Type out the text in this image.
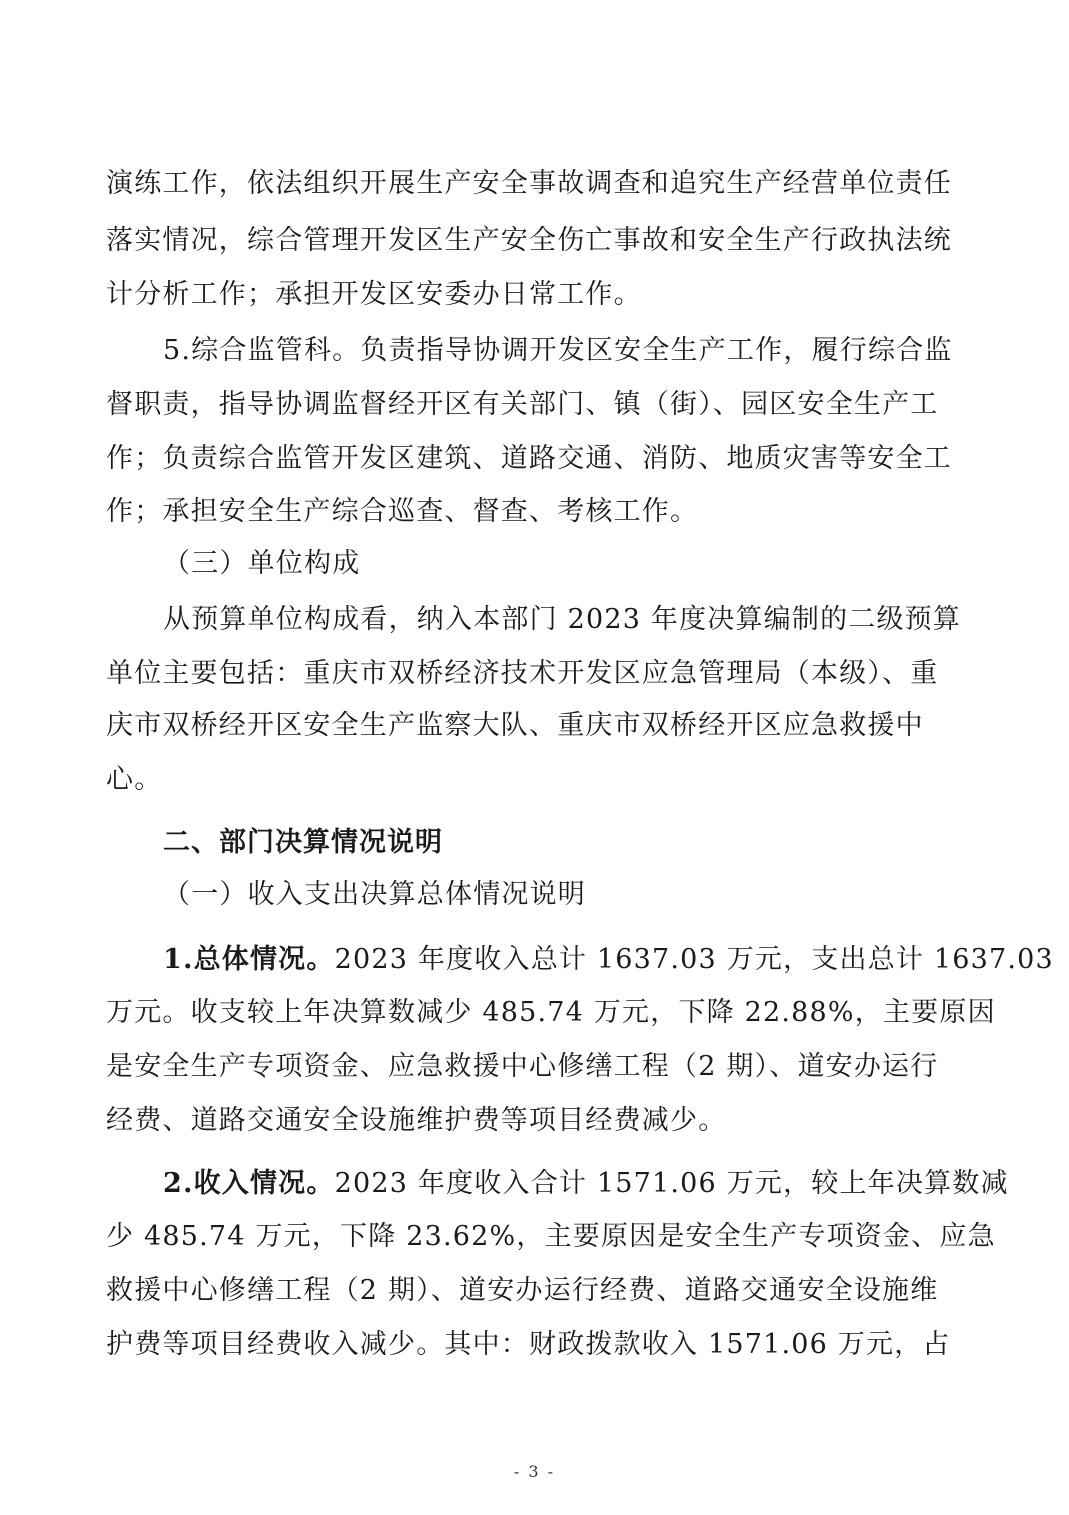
演练工作，依法组织开展生产安全事故调查和追究生产经营单位责任
落实情况，综合管理开发区生产安全伤亡事故和安全生产行政执法统
计分析工作；承担开发区安委办日常工作。
5.综合监管科。负责指导协调开发区安全生产工作，履行综合监
督职责，指导协调监督经开区有关部门、镇（街）、园区安全生产工
作；负责综合监管开发区建筑、道路交通、消防、地质灾害等安全工
作；承担安全生产综合巡查、督查、考核工作。
（三）单位构成
从预算单位构成看，纳入本部门 2023 年度决算编制的二级预算
单位主要包括：重庆市双桥经济技术开发区应急管理局（本级）、重
庆市双桥经开区安全生产监察大队、重庆市双桥经开区应急救援中
心。
二、部门决算情况说明
（一）收入支出决算总体情况说明
1.总体情况。2023 年度收入总计 1637.03 万元，支出总计 1637.03
万元。收支较上年决算数减少 485.74 万元，下降 22.88%，主要原因
是安全生产专项资金、应急救援中心修缮工程（2 期）、道安办运行
经费、道路交通安全设施维护费等项目经费减少。
2.收入情况。2023 年度收入合计 1571.06 万元，较上年决算数减
少 485.74 万元，下降 23.62%，主要原因是安全生产专项资金、应急
救援中心修缮工程（2 期）、道安办运行经费、道路交通安全设施维
护费等项目经费收入减少。其中：财政拨款收入 1571.06 万元，占
- 3 -
